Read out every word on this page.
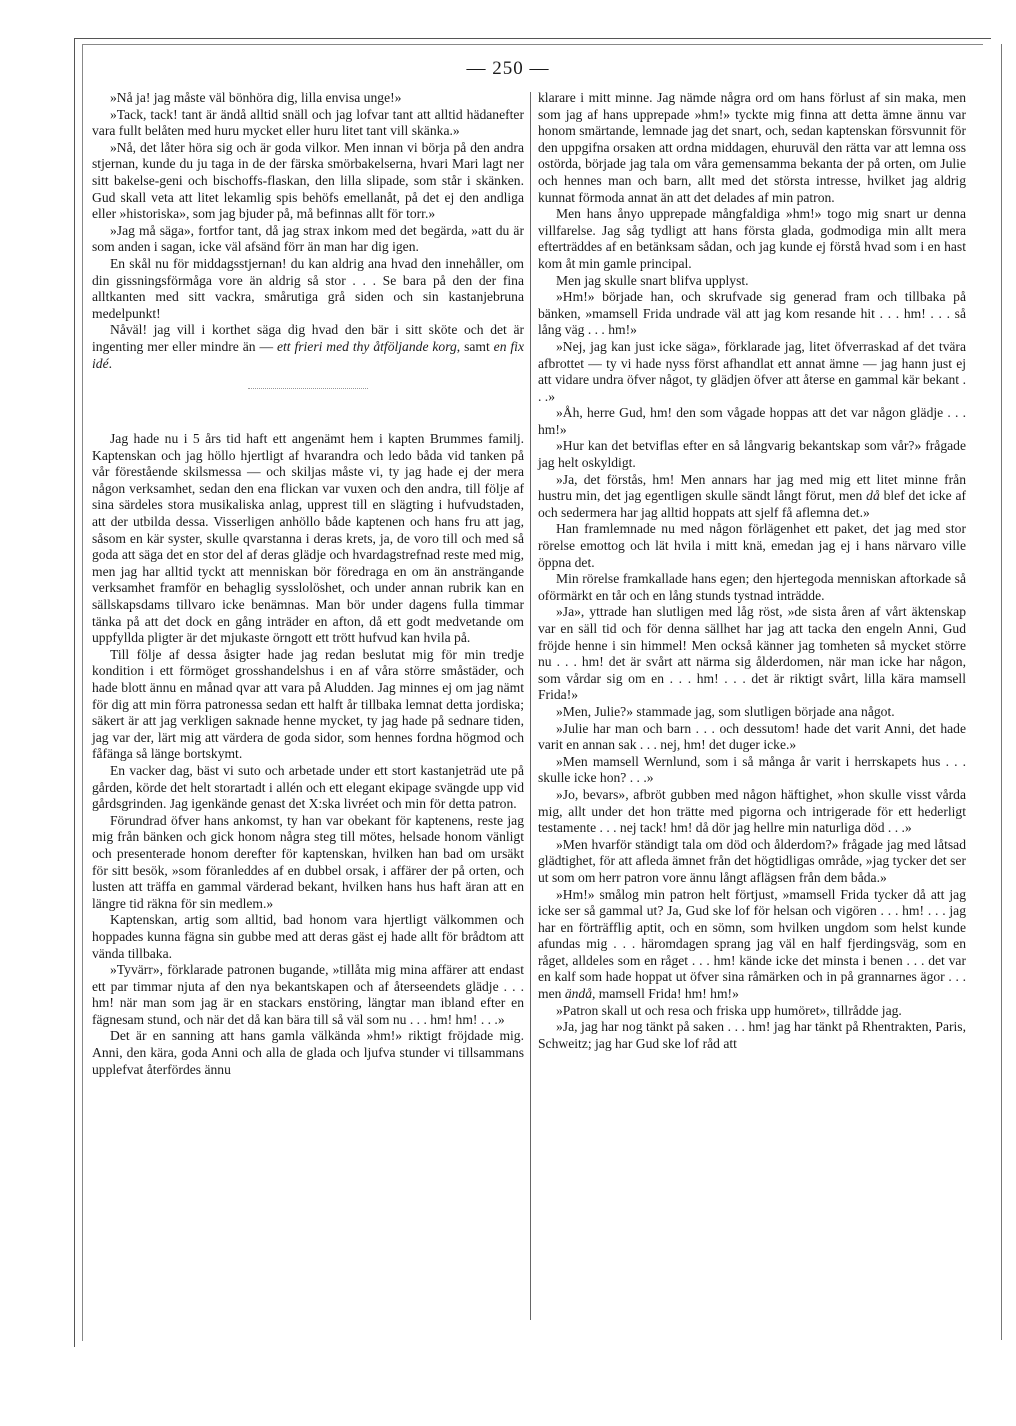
— 250 —

»Nå ja! jag måste väl bönhöra dig, lilla envisa unge!»

»Tack, tack! tant är ändå alltid snäll och jag lofvar tant att alltid hädanefter vara fullt belåten med huru mycket eller huru litet tant vill skänka.»

»Nå, det låter höra sig och är goda vilkor. Men innan vi börja på den andra stjernan, kunde du ju taga in de der färska smörbakelserna, hvari Mari lagt ner sitt bakelse-geni och bischoffs-flaskan, den lilla slipade, som står i skänken. Gud skall veta att litet lekamlig spis behöfs emellanåt, på det ej den andliga eller »historiska», som jag bjuder på, må befinnas allt för torr.»

»Jag må säga», fortfor tant, då jag strax inkom med det begärda, »att du är som anden i sagan, icke väl afsänd förr än man har dig igen.

En skål nu för middagsstjernan! du kan aldrig ana hvad den innehåller, om din gissningsförmåga vore än aldrig så stor . . . Se bara på den der fina alltkanten med sitt vackra, smårutiga grå siden och sin kastanjebruna medelpunkt!

Nåväl! jag vill i korthet säga dig hvad den bär i sitt sköte och det är ingenting mer eller mindre än — ett frieri med thy åtföljande korg, samt en fix idé.

Jag hade nu i 5 års tid haft ett angenämt hem i kapten Brummes familj. Kaptenskan och jag höllo hjertligt af hvarandra och ledo båda vid tanken på vår förestående skilsmessa — och skiljas måste vi, ty jag hade ej der mera någon verksamhet, sedan den ena flickan var vuxen och den andra, till följe af sina särdeles stora musikaliska anlag, upprest till en slägting i hufvudstaden, att der utbilda dessa. Visserligen anhöllo både kaptenen och hans fru att jag, såsom en kär syster, skulle qvarstanna i deras krets, ja, de voro till och med så goda att säga det en stor del af deras glädje och hvardagstrefnad reste med mig, men jag har alltid tyckt att menniskan bör föredraga en om än ansträngande verksamhet framför en behaglig sysslolöshet, och under annan rubrik kan en sällskapsdams tillvaro icke benämnas. Man bör under dagens fulla timmar tänka på att det dock en gång inträder en afton, då ett godt medvetande om uppfyllda pligter är det mjukaste örngott ett trött hufvud kan hvila på.

Till följe af dessa åsigter hade jag redan beslutat mig för min tredje kondition i ett förmöget grosshandelshus i en af våra större småstäder, och hade blott ännu en månad qvar att vara på Aludden. Jag minnes ej om jag nämt för dig att min förra patronessa sedan ett halft år tillbaka lemnat detta jordiska; säkert är att jag verkligen saknade henne mycket, ty jag hade på sednare tiden, jag var der, lärt mig att värdera de goda sidor, som hennes fordna högmod och fåfänga så länge bortskymt.

En vacker dag, bäst vi suto och arbetade under ett stort kastanjeträd ute på gården, körde det helt storartadt i allén och ett elegant ekipage svängde upp vid gårdsgrinden. Jag igenkände genast det X:ska livréet och min för detta patron.

Förundrad öfver hans ankomst, ty han var obekant för kaptenens, reste jag mig från bänken och gick honom några steg till mötes, helsade honom vänligt och presenterade honom derefter för kaptenskan, hvilken han bad om ursäkt för sitt besök, »som föranleddes af en dubbel orsak, i affärer der på orten, och lusten att träffa en gammal värderad bekant, hvilken hans hus haft äran att en längre tid räkna för sin medlem.»

Kaptenskan, artig som alltid, bad honom vara hjertligt välkommen och hoppades kunna fägna sin gubbe med att deras gäst ej hade allt för brådtom att vända tillbaka.

»Tyvärr», förklarade patronen bugande, »tillåta mig mina affärer att endast ett par timmar njuta af den nya bekantskapen och af återseendets glädje . . . hm! när man som jag är en stackars enstöring, längtar man ibland efter en fägnesam stund, och när det då kan bära till så väl som nu . . . hm! hm! . . .»

Det är en sanning att hans gamla välkända »hm!» riktigt fröjdade mig. Anni, den kära, goda Anni och alla de glada och ljufva stunder vi tillsammans upplefvat återfördes ännu

klarare i mitt minne. Jag nämde några ord om hans förlust af sin maka, men som jag af hans upprepade »hm!» tyckte mig finna att detta ämne ännu var honom smärtande, lemnade jag det snart, och, sedan kaptenskan försvunnit för den uppgifna orsaken att ordna middagen, ehuruväl den rätta var att lemna oss ostörda, började jag tala om våra gemensamma bekanta der på orten, om Julie och hennes man och barn, allt med det största intresse, hvilket jag aldrig kunnat förmoda annat än att det delades af min patron.

Men hans ånyo upprepade mångfaldiga »hm!» togo mig snart ur denna villfarelse. Jag såg tydligt att hans första glada, godmodiga min allt mera efterträddes af en betänksam sådan, och jag kunde ej förstå hvad som i en hast kom åt min gamle principal.

Men jag skulle snart blifva upplyst.

»Hm!» började han, och skrufvade sig generad fram och tillbaka på bänken, »mamsell Frida undrade väl att jag kom resande hit . . . hm! . . . så lång väg . . . hm!»

»Nej, jag kan just icke säga», förklarade jag, litet öfverraskad af det tvära afbrottet — ty vi hade nyss först afhandlat ett annat ämne — jag hann just ej att vidare undra öfver något, ty glädjen öfver att återse en gammal kär bekant . . .»

»Åh, herre Gud, hm! den som vågade hoppas att det var någon glädje . . . hm!»

»Hur kan det betviflas efter en så långvarig bekantskap som vår?» frågade jag helt oskyldigt.

»Ja, det förstås, hm! Men annars har jag med mig ett litet minne från hustru min, det jag egentligen skulle sändt långt förut, men då blef det icke af och sedermera har jag alltid hoppats att sjelf få aflemna det.»

Han framlemnade nu med någon förlägenhet ett paket, det jag med stor rörelse emottog och lät hvila i mitt knä, emedan jag ej i hans närvaro ville öppna det.

Min rörelse framkallade hans egen; den hjertegoda menniskan aftorkade så oförmärkt en tår och en lång stunds tystnad inträdde.

»Ja», yttrade han slutligen med låg röst, »de sista åren af vårt äktenskap var en säll tid och för denna sällhet har jag att tacka den engeln Anni, Gud fröjde henne i sin himmel! Men också känner jag tomheten så mycket större nu . . . hm! det är svårt att närma sig ålderdomen, när man icke har någon, som vårdar sig om en . . . hm! . . . det är riktigt svårt, lilla kära mamsell Frida!»

»Men, Julie?» stammade jag, som slutligen började ana något.

»Julie har man och barn . . . och dessutom! hade det varit Anni, det hade varit en annan sak . . . nej, hm! det duger icke.»

»Men mamsell Wernlund, som i så många år varit i herrskapets hus . . . skulle icke hon? . . .»

»Jo, bevars», afbröt gubben med någon häftighet, »hon skulle visst vårda mig, allt under det hon trätte med pigorna och intrigerade för ett hederligt testamente . . . nej tack! hm! då dör jag hellre min naturliga död . . .»

»Men hvarför ständigt tala om död och ålderdom?» frågade jag med låtsad glädtighet, för att afleda ämnet från det högtidligas område, »jag tycker det ser ut som om herr patron vore ännu långt aflägsen från dem båda.»

»Hm!» smålog min patron helt förtjust, »mamsell Frida tycker då att jag icke ser så gammal ut? Ja, Gud ske lof för helsan och vigören . . . hm! . . . jag har en förträfflig aptit, och en sömn, som hvilken ungdom som helst kunde afundas mig . . . häromdagen sprang jag väl en half fjerdingsväg, som en råget, alldeles som en råget . . . hm! kände icke det minsta i benen . . . det var en kalf som hade hoppat ut öfver sina råmärken och in på grannarnes ägor . . . men ändå, mamsell Frida! hm! hm!»

»Patron skall ut och resa och friska upp humöret», tillrådde jag.

»Ja, jag har nog tänkt på saken . . . hm! jag har tänkt på Rhentrakten, Paris, Schweitz; jag har Gud ske lof råd att
